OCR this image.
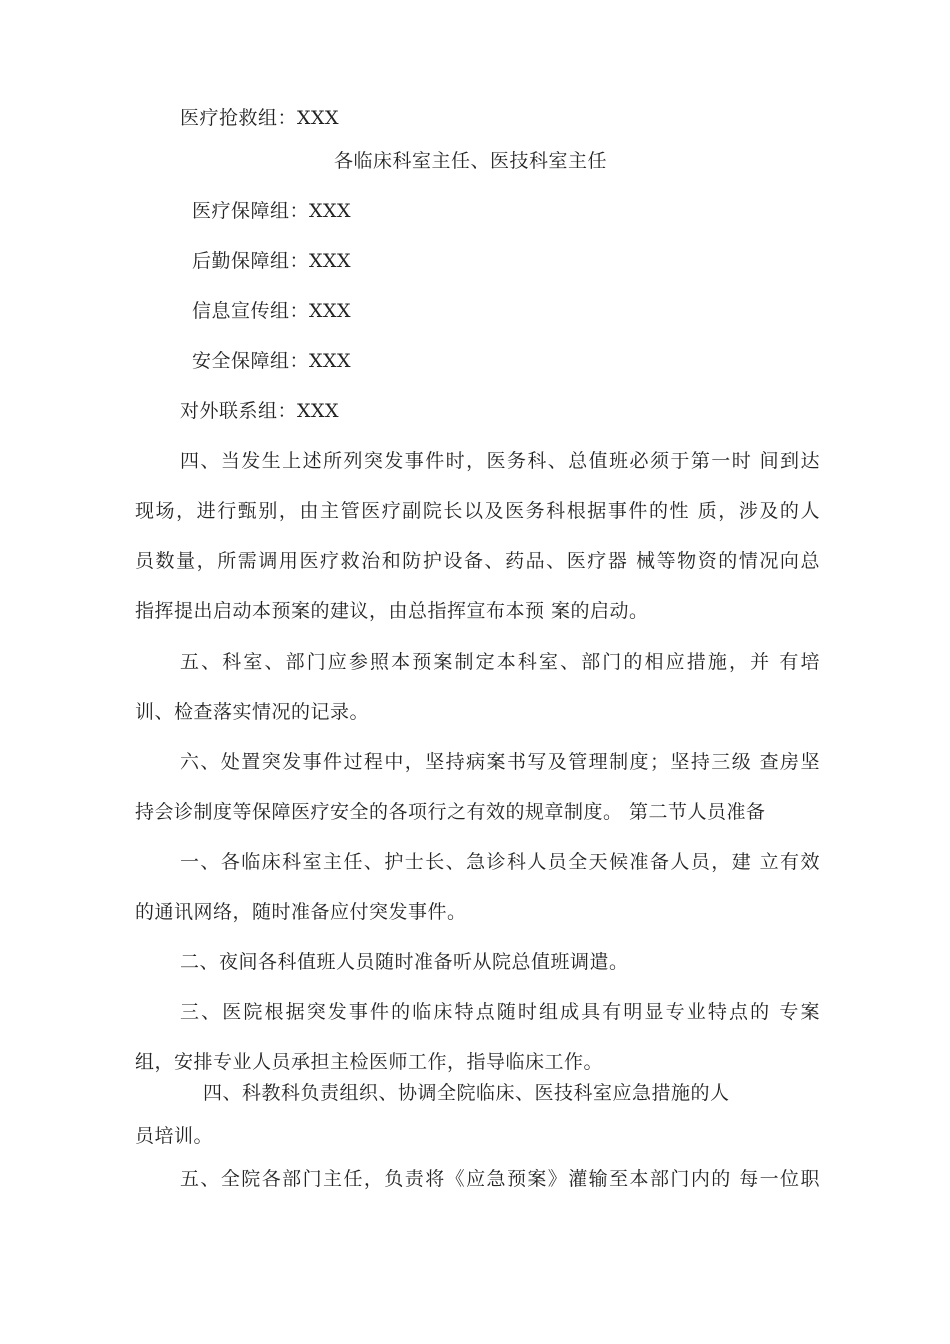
医疗抢救组：XXX
各临床科室主任、医技科室主任
医疗保障组：XXX
后勤保障组：XXX
信息宣传组：XXX
安全保障组：XXX
对外联系组：XXX
四、当发生上述所列突发事件时，医务科、总值班必须于第一时 间到达
现场，进行甄别，由主管医疗副院长以及医务科根据事件的性 质，涉及的人
员数量，所需调用医疗救治和防护设备、药品、医疗器 械等物资的情况向总
指挥提出启动本预案的建议，由总指挥宣布本预 案的启动。
五、科室、部门应参照本预案制定本科室、部门的相应措施，并 有培
训、检查落实情况的记录。
六、处置突发事件过程中，坚持病案书写及管理制度；坚持三级 查房坚
持会诊制度等保障医疗安全的各项行之有效的规章制度。 第二节人员准备
一、各临床科室主任、护士长、急诊科人员全天候准备人员，建 立有效
的通讯网络，随时准备应付突发事件。
二、夜间各科值班人员随时准备听从院总值班调遣。
三、医院根据突发事件的临床特点随时组成具有明显专业特点的 专案
组，安排专业人员承担主检医师工作，指导临床工作。
四、科教科负责组织、协调全院临床、医技科室应急措施的人
员培训。
五、全院各部门主任，负责将《应急预案》灌输至本部门内的 每一位职
